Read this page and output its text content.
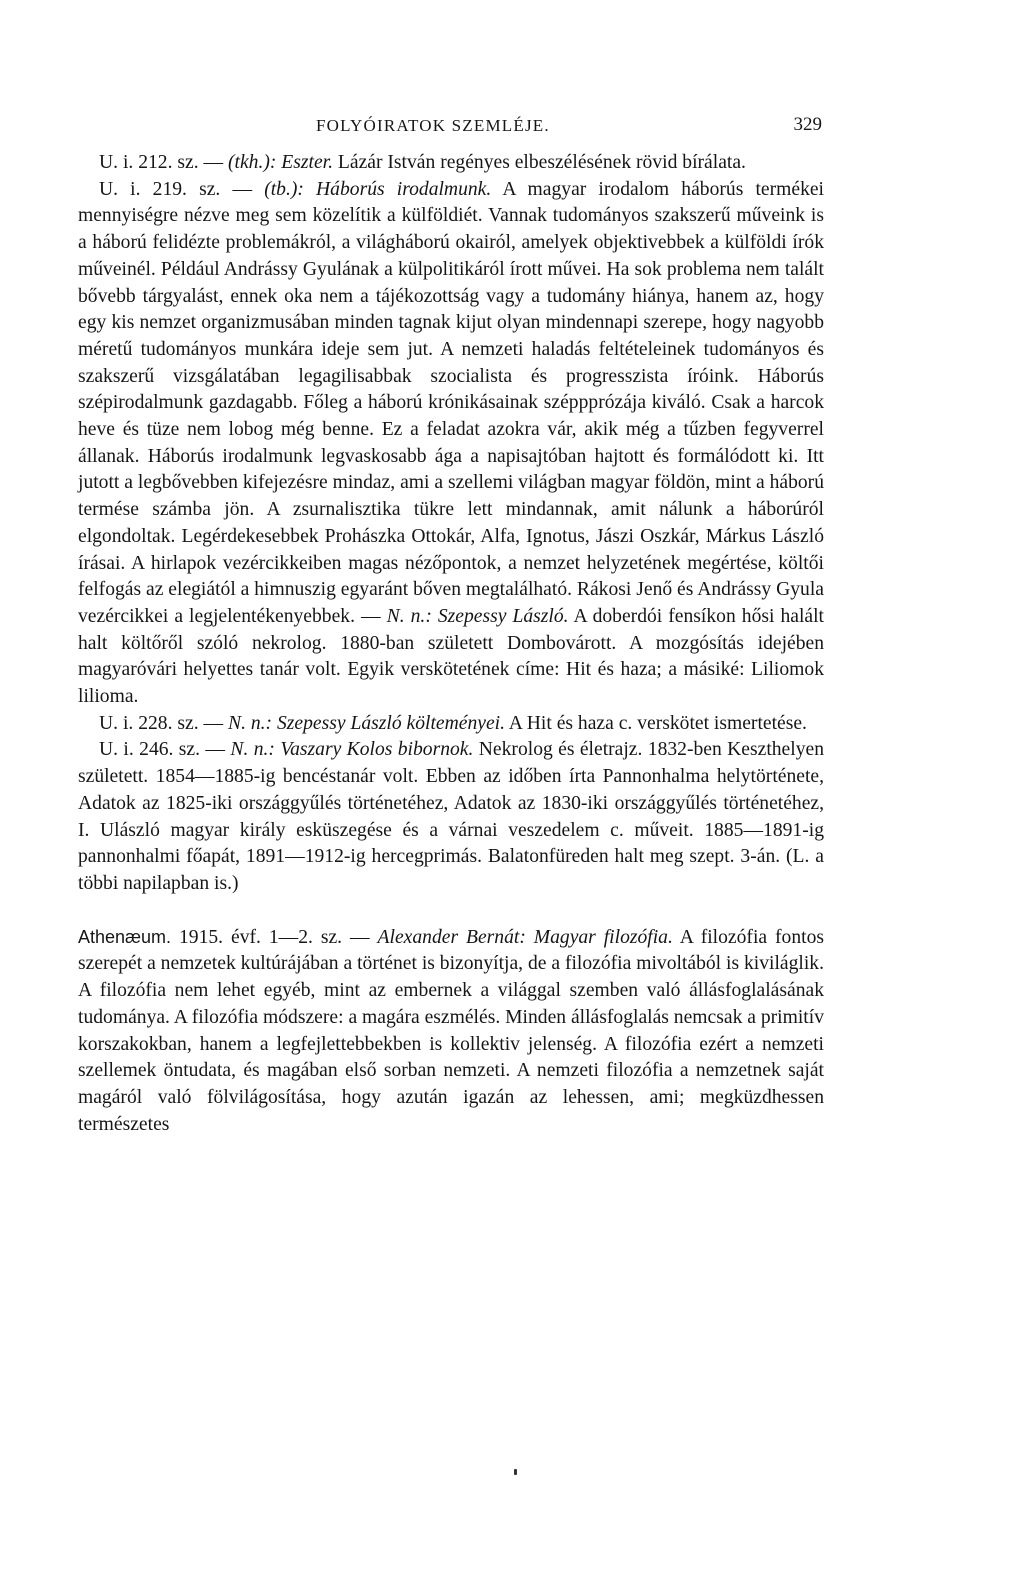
FOLYÓIRATOK SZEMLÉJE.	329

U. i. 212. sz. — (tkh.): Eszter. Lázár István regényes elbeszélésének rövid bírálata.

U. i. 219. sz. — (tb.): Háborús irodalmunk. A magyar irodalom háborús termékei mennyiségre nézve meg sem közelítik a külföldiét. Vannak tudományos szakszerű műveink is a háború felidézte problemákról, a világháború okairól, amelyek objektivebbek a külföldi írók műveinél. Például Andrássy Gyulának a külpolitikáról írott művei. Ha sok problema nem talált bővebb tárgyalást, ennek oka nem a tájékozottság vagy a tudomány hiánya, hanem az, hogy egy kis nemzet organizmusában minden tagnak kijut olyan mindennapi szerepe, hogy nagyobb méretű tudományos munkára ideje sem jut. A nemzeti haladás feltételeinek tudományos és szakszerű vizsgálatában legagilisabbak szocialista és progresszista íróink. Háborús szépirodalmunk gazdagabb. Főleg a háború krónikásainak széppprózája kiváló. Csak a harcok heve és tüze nem lobog még benne. Ez a feladat azokra vár, akik még a tűzben fegyverrel állanak. Háborús irodalmunk legvaskosabb ága a napisajtóban hajtott és formálódott ki. Itt jutott a legbővebben kifejezésre mindaz, ami a szellemi világban magyar földön, mint a háború termése számba jön. A zsurnalisztika tükre lett mindannak, amit nálunk a háborúról elgondoltak. Legérdekesebbek Prohászka Ottokár, Alfa, Ignotus, Jászi Oszkár, Márkus László írásai. A hirlapok vezércikkeiben magas nézőpontok, a nemzet helyzetének megértése, költői felfogás az elegiától a himnuszig egyaránt bőven megtalálható. Rákosi Jenő és Andrássy Gyula vezércikkei a legjelentékenyebbek. — N. n.: Szepessy László. A doberdói fensíkon hősi halált halt költőről szóló nekrolog. 1880-ban született Dombovárott. A mozgósítás idejében magyaróvári helyettes tanár volt. Egyik verskötetének címe: Hit és haza; a másiké: Liliomok lilioma.

U. i. 228. sz. — N. n.: Szepessy László költeményei. A Hit és haza c. verskötet ismertetése.

U. i. 246. sz. — N. n.: Vaszary Kolos bibornok. Nekrolog és életrajz. 1832-ben Keszthelyen született. 1854—1885-ig bencéstanár volt. Ebben az időben írta Pannonhalma helytörténete, Adatok az 1825-iki országgyűlés történetéhez, Adatok az 1830-iki országgyűlés történetéhez, I. Ulászló magyar király esküszegése és a várnai veszedelem c. műveit. 1885—1891-ig pannonhalmi főapát, 1891—1912-ig hercegprimás. Balatonfüreden halt meg szept. 3-án. (L. a többi napilapban is.)

Athenæum. 1915. évf. 1—2. sz. — Alexander Bernát: Magyar filozófia. A filozófia fontos szerepét a nemzetek kultúrájában a történet is bizonyítja, de a filozófia mivoltából is kiviláglik. A filozófia nem lehet egyéb, mint az embernek a világgal szemben való állásfoglalásának tudománya. A filozófia módszere: a magára eszmélés. Minden állásfoglalás nemcsak a primitív korszakokban, hanem a legfejlettebbekben is kollektiv jelenség. A filozófia ezért a nemzeti szellemek öntudata, és magában első sorban nemzeti. A nemzeti filozófia a nemzetnek saját magáról való fölvilágosítása, hogy azután igazán az lehessen, ami; megküzdhessen természetes
